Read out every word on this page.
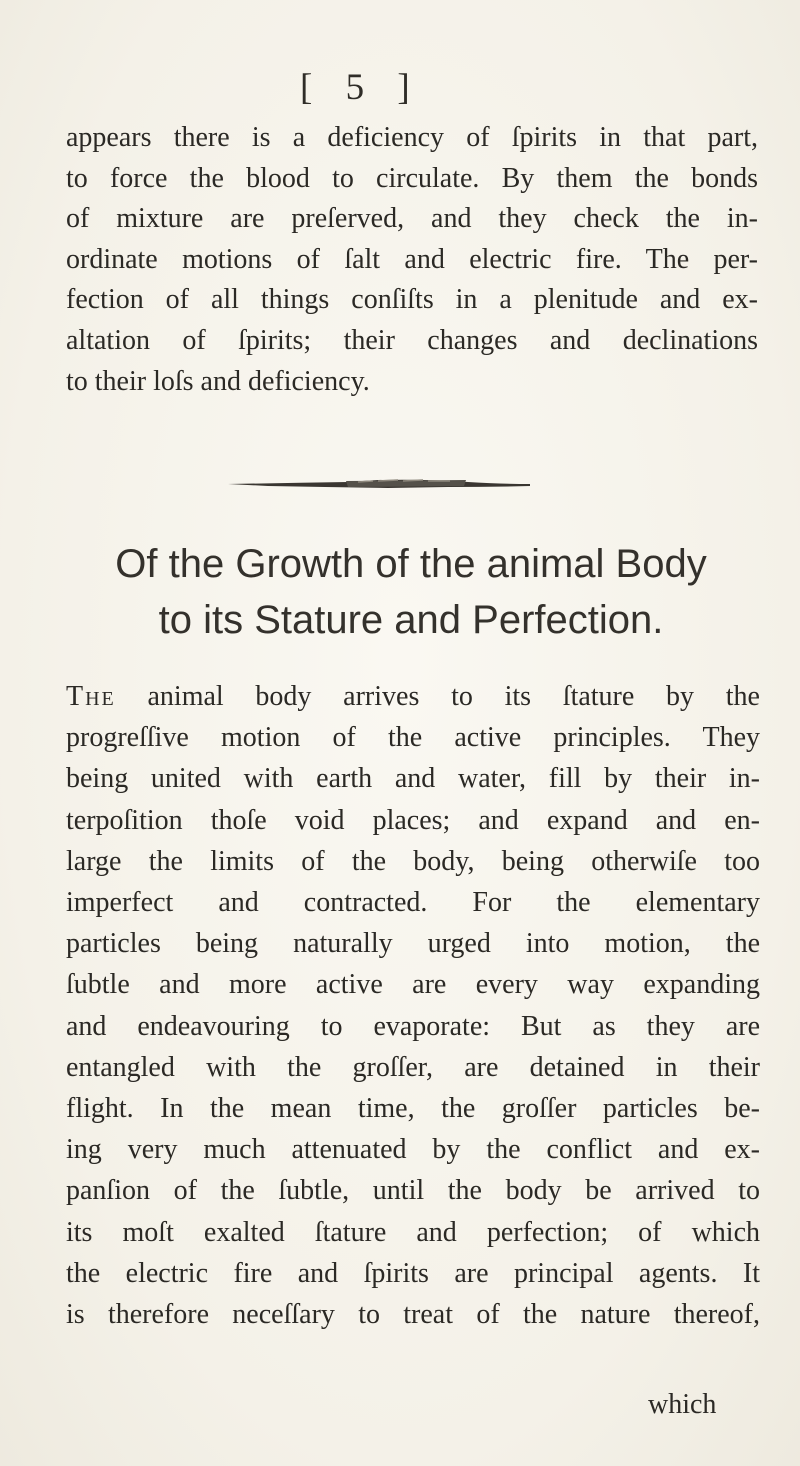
[ 5 ]
appears there is a deficiency of ſpirits in that part,
to force the blood to circulate. By them the bonds
of mixture are preſerved, and they check the in-
ordinate motions of ſalt and electric fire. The per-
fection of all things conſiſts in a plenitude and ex-
altation of ſpirits; their changes and declinations
to their loſs and deficiency.
Of the Growth of the animal Body
to its Stature and Perfection.
The animal body arrives to its ſtature by the
progreſſive motion of the active principles. They
being united with earth and water, fill by their in-
terpoſition thoſe void places; and expand and en-
large the limits of the body, being otherwiſe too
imperfect and contracted. For the elementary
particles being naturally urged into motion, the
ſubtle and more active are every way expanding
and endeavouring to evaporate: But as they are
entangled with the groſſer, are detained in their
flight. In the mean time, the groſſer particles be-
ing very much attenuated by the conflict and ex-
panſion of the ſubtle, until the body be arrived to
its moſt exalted ſtature and perfection; of which
the electric fire and ſpirits are principal agents. It
is therefore neceſſary to treat of the nature thereof,
which
